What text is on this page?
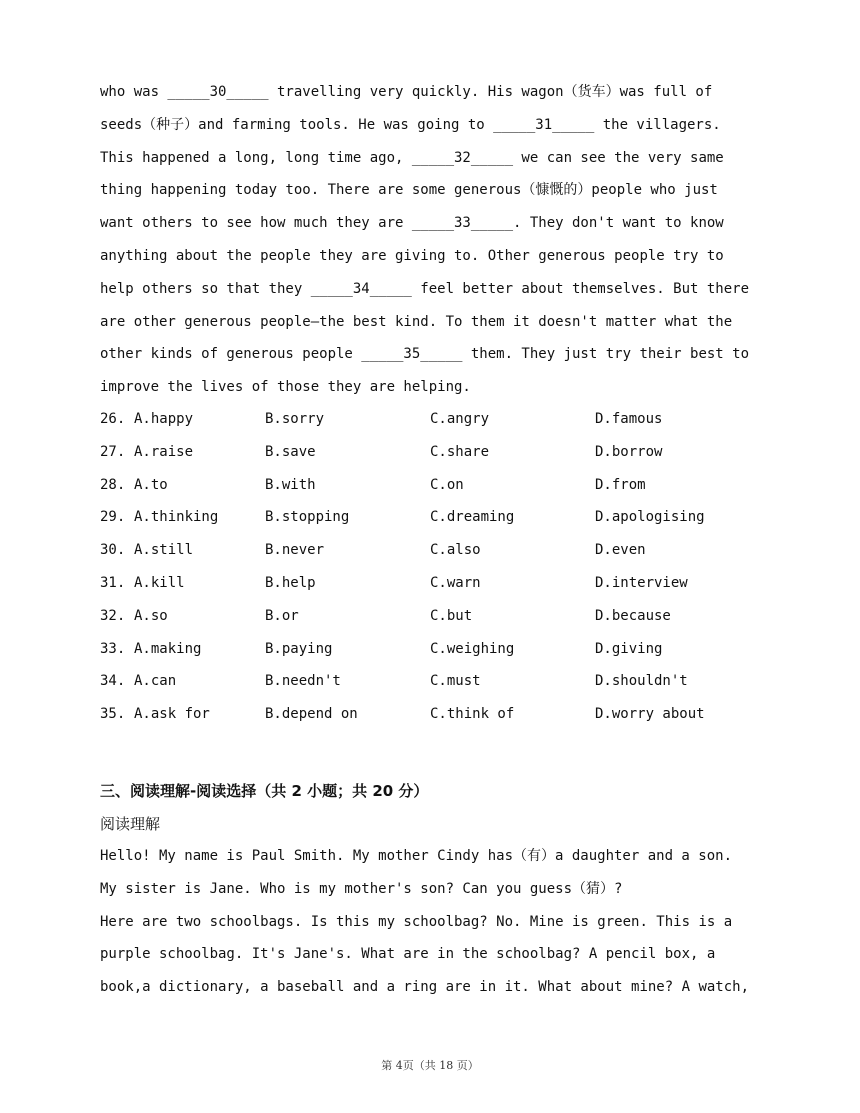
who was _____30_____ travelling very quickly. His wagon（货车）was full of
seeds（种子）and farming tools. He was going to _____31_____ the villagers.
This happened a long, long time ago, _____32_____ we can see the very same
thing happening today too. There are some generous（慷慨的）people who just
want others to see how much they are _____33_____. They don't want to know
anything about the people they are giving to. Other generous people try to
help others so that they _____34_____ feel better about themselves. But there
are other generous people—the best kind. To them it doesn't matter what the
other kinds of generous people _____35_____ them. They just try their best to
improve the lives of those they are helping.
26. A.happy	B.sorry	C.angry	D.famous
27. A.raise	B.save	C.share	D.borrow
28. A.to	B.with	C.on	D.from
29. A.thinking	B.stopping	C.dreaming	D.apologising
30. A.still	B.never	C.also	D.even
31. A.kill	B.help	C.warn	D.interview
32. A.so	B.or	C.but	D.because
33. A.making	B.paying	C.weighing	D.giving
34. A.can	B.needn't	C.must	D.shouldn't
35. A.ask for	B.depend on	C.think of	D.worry about
三、阅读理解-阅读选择（共 2 小题；共 20 分）
阅读理解
Hello! My name is Paul Smith. My mother Cindy has（有）a daughter and a son.
My sister is Jane. Who is my mother's son? Can you guess（猜）?
Here are two schoolbags. Is this my schoolbag? No. Mine is green. This is a
purple schoolbag. It's Jane's. What are in the schoolbag? A pencil box, a
book,a dictionary, a baseball and a ring are in it. What about mine? A watch,
第 4页（共 18 页）
